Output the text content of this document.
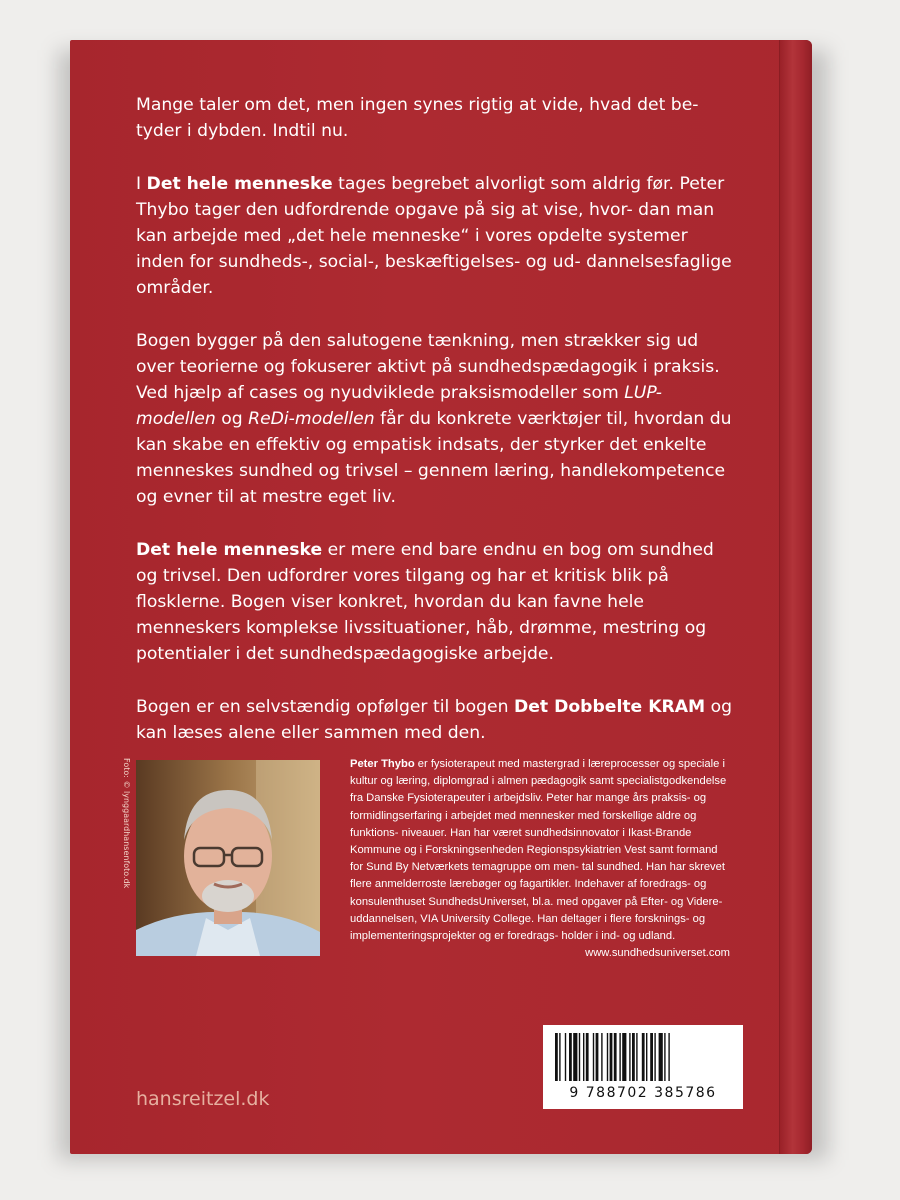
Mange taler om det, men ingen synes rigtig at vide, hvad det be- tyder i dybden. Indtil nu.

I Det hele menneske tages begrebet alvorligt som aldrig før. Peter Thybo tager den udfordrende opgave på sig at vise, hvor- dan man kan arbejde med „det hele menneske“ i vores opdelte systemer inden for sundheds-, social-, beskæftigelses- og ud- dannelsesfaglige områder.

Bogen bygger på den salutogene tænkning, men strækker sig ud over teorierne og fokuserer aktivt på sundhedspædagogik i praksis. Ved hjælp af cases og nyudviklede praksismodeller som LUP-modellen og ReDi-modellen får du konkrete værktøjer til, hvordan du kan skabe en effektiv og empatisk indsats, der styrker det enkelte menneskes sundhed og trivsel – gennem læring, handlekompetence og evner til at mestre eget liv.

Det hele menneske er mere end bare endnu en bog om sundhed og trivsel. Den udfordrer vores tilgang og har et kritisk blik på flosklerne. Bogen viser konkret, hvordan du kan favne hele menneskers komplekse livssituationer, håb, drømme, mestring og potentialer i det sundhedspædagogiske arbejde.

Bogen er en selvstændig opfølger til bogen Det Dobbelte KRAM og kan læses alene eller sammen med den.

Foto: © lynggaardhansenfoto.dk	Peter Thybo er fysioterapeut med mastergrad i læreprocesser og speciale i kultur og læring, diplomgrad i almen pædagogik samt specialistgodkendelse fra Danske Fysioterapeuter i arbejdsliv. Peter har mange års praksis- og formidlingserfaring i arbejdet med mennesker med forskellige aldre og funktions- niveauer. Han har været sundhedsinnovator i Ikast-Brande Kommune og i Forskningsenheden Regionspsykiatrien Vest samt formand for Sund By Netværkets temagruppe om men- tal sundhed. Han har skrevet flere anmelderroste lærebøger og fagartikler. Indehaver af foredrags- og konsulenthuset SundhedsUniverset, bl.a. med opgaver på Efter- og Videre- uddannelsen, VIA University College. Han deltager i flere forsknings- og implementeringsprojekter og er foredrags- holder i ind- og udland.
www.sundhedsuniverset.com
hansreitzel.dk	9 788702 385786
